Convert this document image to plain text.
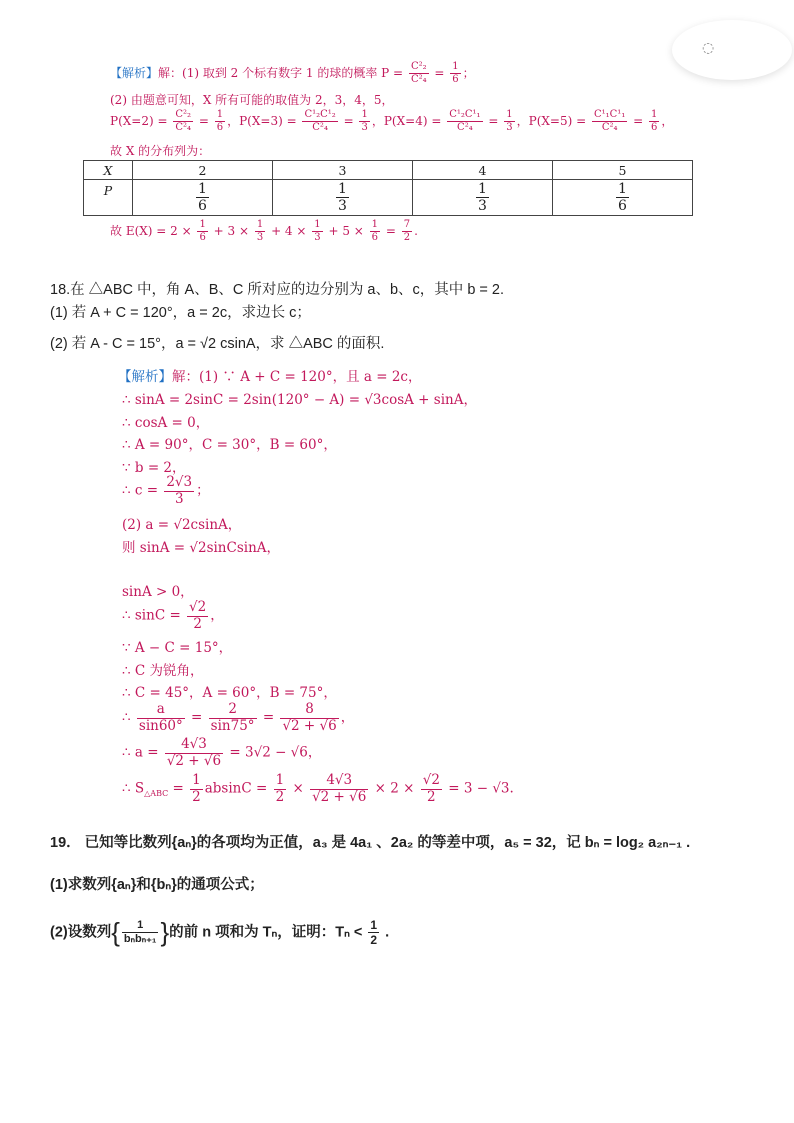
◌
【解析】解：(1) 取到 2 个标有数字 1 的球的概率 $P = \frac{\text{C²₂}}{\text{C²₄}} = \frac{1}{6}$ ；
(2) 由题意可知，X 所有可能的取值为 2，3，4，5，
$P(X=2) = \frac{\text{C²₂}}{\text{C²₄}} = \frac{1}{6}$ ，$P(X=3) = \frac{\text{C¹₂C¹₂}}{\text{C²₄}} = \frac{1}{3}$ ，$P(X=4) = \frac{\text{C¹₂C¹₁}}{\text{C²₄}} = \frac{1}{3}$ ，$P(X=5) = \frac{\text{C¹₁C¹₁}}{\text{C²₄}} = \frac{1}{6}$ ，
故 X 的分布列为：
X	2	3	4	5
P	$\frac{1}{6}$	$\frac{1}{3}$	$\frac{1}{3}$	$\frac{1}{6}$
故 $E(X) = 2 \times \frac{1}{6} + 3 \times \frac{1}{3} + 4 \times \frac{1}{3} + 5 \times \frac{1}{6} = \frac{7}{2}$ .
18.在 △ABC 中，角 A、B、C 所对应的边分别为 a、b、c，其中 b = 2.
(1) 若 A + C = 120°，a = 2c，求边长 c；
(2) 若 A - C = 15°，a = √2 csinA，求 △ABC 的面积.
【解析】解：(1) ∵ A + C = 120°，且 a = 2c，
∴ sinA = 2sinC = 2sin(120° − A) = √3cosA + sinA，
∴ cosA = 0，
∴ A = 90°，C = 30°，B = 60°，
∵ b = 2，
∴ $c = \frac{2√3}{3}$ ；
(2) a = √2csinA，
则 sinA = √2sinCsinA，
sinA > 0，
∴ $\sin C = \frac{√2}{2}$ ，
∵ A − C = 15°，
∴ C 为锐角，
∴ C = 45°，A = 60°，B = 75°，
∴ $\frac{a}{\sin 60^\circ} = \frac{2}{\sin 75^\circ} = \frac{8}{√2 + √6}$ ，
∴ $a = \frac{4√3}{√2 + √6} = 3√2 - √6$，
∴ $S_{\triangle ABC} = \frac{1}{2}$ $absinC = \frac{1}{2} \times \frac{4√3}{√2 + √6} \times 2 \times \frac{√2}{2} = 3 - √3$.
19． 已知等比数列{aₙ}的各项均为正值，a₃ 是 4a₁ 、2a₂ 的等差中项，a₅ = 32，记 bₙ = log₂ a₂ₙ₋₁ .
(1)求数列{aₙ}和{bₙ}的通项公式；
(2)设数列{ $\frac{1}{\text{bₙbₙ₊₁}}$ }的前 n 项和为 Tₙ，证明：$T_n < \frac{1}{2}$ .
